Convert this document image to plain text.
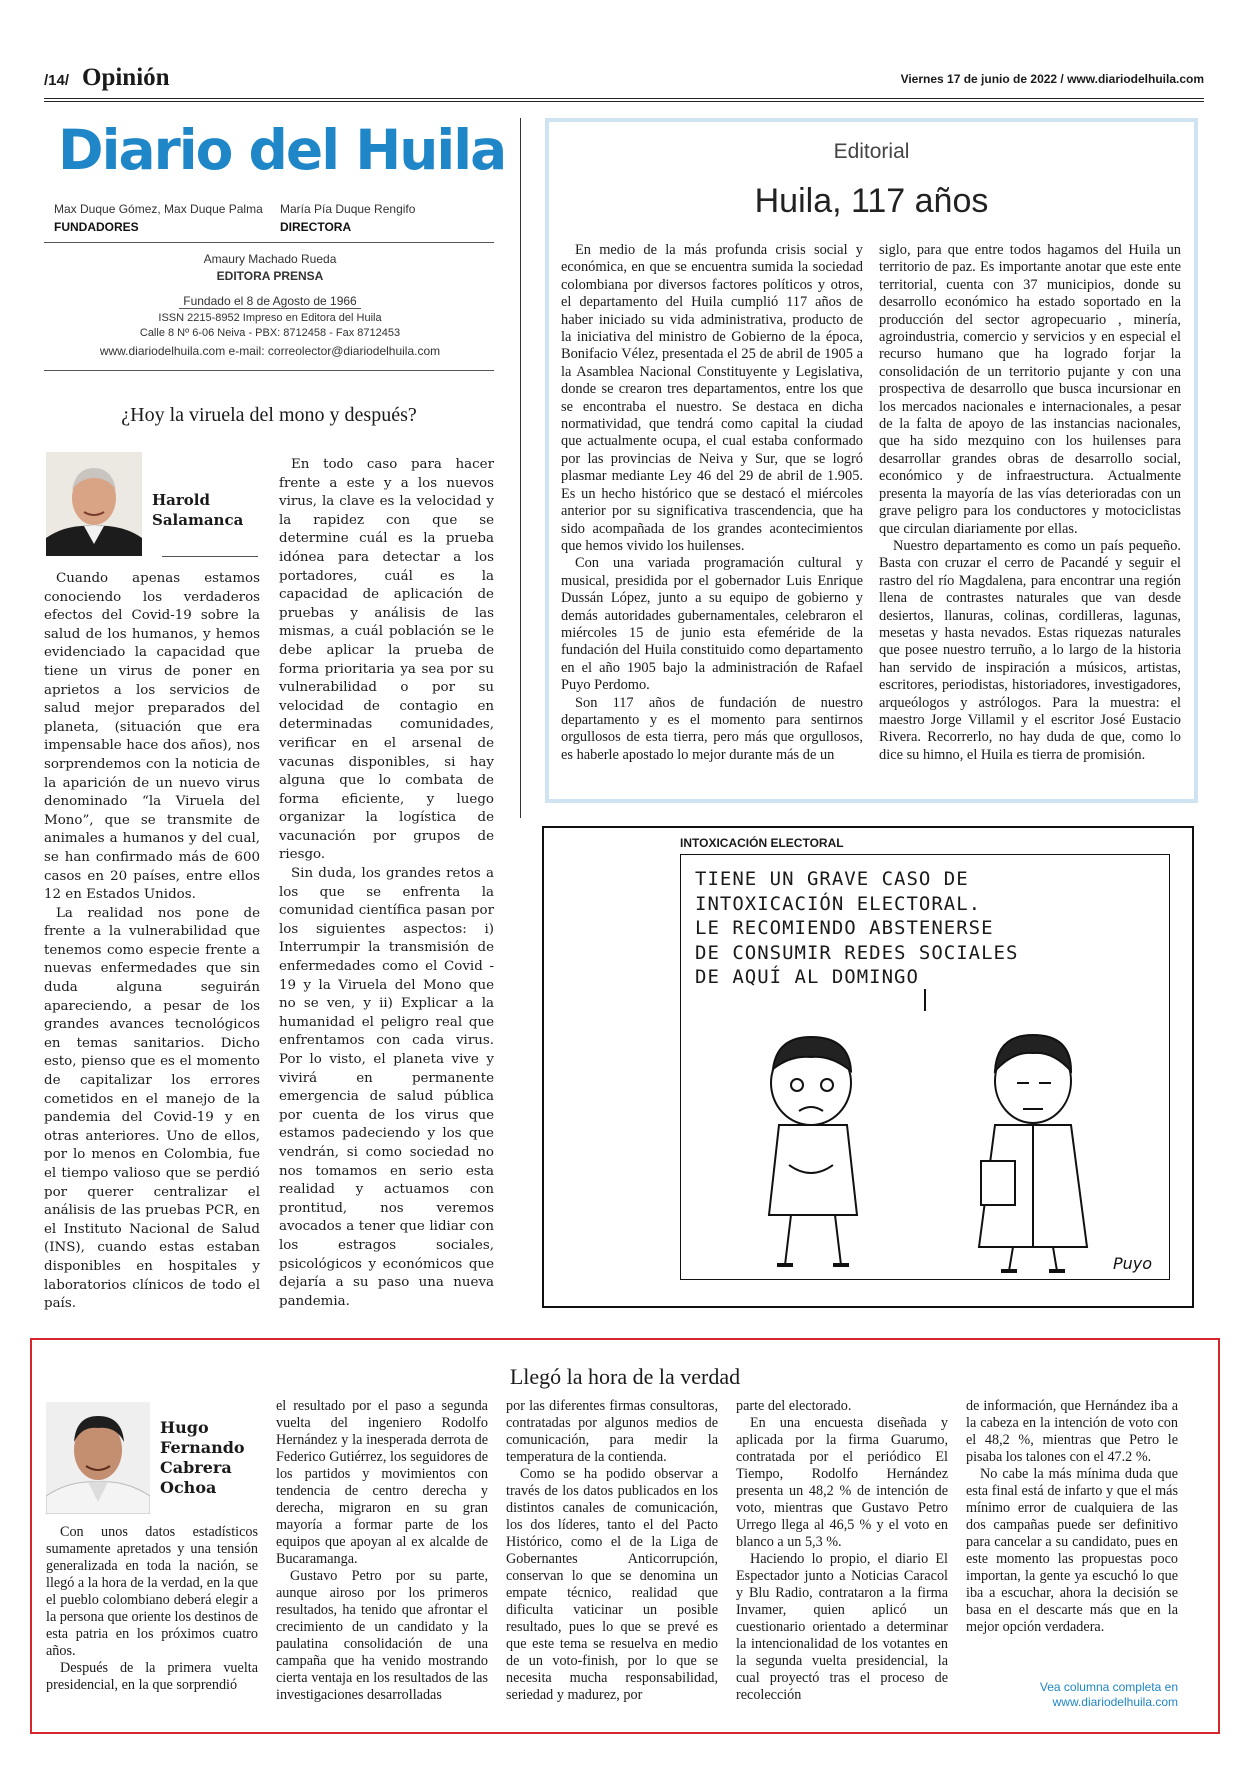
/14/ Opinión	Viernes 17 de junio de 2022 / www.diariodelhuila.com
Diario del Huila
Max Duque Gómez, Max Duque Palma
FUNDADORES
María Pía Duque Rengifo
DIRECTORA
Amaury Machado Rueda
EDITORA PRENSA
Fundado el 8 de Agosto de 1966
ISSN 2215-8952 Impreso en Editora del Huila
Calle 8 Nº 6-06 Neiva - PBX: 8712458 - Fax 8712453
www.diariodelhuila.com e-mail: correolector@diariodelhuila.com
¿Hoy la viruela del mono y después?
Harold
Salamanca

Cuando apenas estamos conociendo los verdaderos efectos del Covid-19 sobre la salud de los humanos, y hemos evidenciado la capacidad que tiene un virus de poner en aprietos a los servicios de salud mejor preparados del planeta, (situación que era impensable hace dos años), nos sorprendemos con la noticia de la aparición de un nuevo virus denominado “la Viruela del Mono”, que se transmite de animales a humanos y del cual, se han confirmado más de 600 casos en 20 países, entre ellos 12 en Estados Unidos.

La realidad nos pone de frente a la vulnerabilidad que tenemos como especie frente a nuevas enfermedades que sin duda alguna seguirán apareciendo, a pesar de los grandes avances tecnológicos en temas sanitarios. Dicho esto, pienso que es el momento de capitalizar los errores cometidos en el manejo de la pandemia del Covid-19 y en otras anteriores. Uno de ellos, por lo menos en Colombia, fue el tiempo valioso que se perdió por querer centralizar el análisis de las pruebas PCR, en el Instituto Nacional de Salud (INS), cuando estas estaban disponibles en hospitales y laboratorios clínicos de todo el país.

En todo caso para hacer frente a este y a los nuevos virus, la clave es la velocidad y la rapidez con que se determine cuál es la prueba idónea para detectar a los portadores, cuál es la capacidad de aplicación de pruebas y análisis de las mismas, a cuál población se le debe aplicar la prueba de forma prioritaria ya sea por su vulnerabilidad o por su velocidad de contagio en determinadas comunidades, verificar en el arsenal de vacunas disponibles, si hay alguna que lo combata de forma eficiente, y luego organizar la logística de vacunación por grupos de riesgo.

Sin duda, los grandes retos a los que se enfrenta la comunidad científica pasan por los siguientes aspectos: i) Interrumpir la transmisión de enfermedades como el Covid - 19 y la Viruela del Mono que no se ven, y ii) Explicar a la humanidad el peligro real que enfrentamos con cada virus. Por lo visto, el planeta vive y vivirá en permanente emergencia de salud pública por cuenta de los virus que estamos padeciendo y los que vendrán, si como sociedad no nos tomamos en serio esta realidad y actuamos con prontitud, nos veremos avocados a tener que lidiar con los estragos sociales, psicológicos y económicos que dejaría a su paso una nueva pandemia.

Editorial
Huila, 117 años

En medio de la más profunda crisis social y económica, en que se encuentra sumida la sociedad colombiana por diversos factores políticos y otros, el departamento del Huila cumplió 117 años de haber iniciado su vida administrativa, producto de la iniciativa del ministro de Gobierno de la época, Bonifacio Vélez, presentada el 25 de abril de 1905 a la Asamblea Nacional Constituyente y Legislativa, donde se crearon tres departamentos, entre los que se encontraba el nuestro. Se destaca en dicha normatividad, que tendrá como capital la ciudad que actualmente ocupa, el cual estaba conformado por las provincias de Neiva y Sur, que se logró plasmar mediante Ley 46 del 29 de abril de 1.905. Es un hecho histórico que se destacó el miércoles anterior por su significativa trascendencia, que ha sido acompañada de los grandes acontecimientos que hemos vivido los huilenses.

Con una variada programación cultural y musical, presidida por el gobernador Luis Enrique Dussán López, junto a su equipo de gobierno y demás autoridades gubernamentales, celebraron el miércoles 15 de junio esta efeméride de la fundación del Huila constituido como departamento en el año 1905 bajo la administración de Rafael Puyo Perdomo.

Son 117 años de fundación de nuestro departamento y es el momento para sentirnos orgullosos de esta tierra, pero más que orgullosos, es haberle apostado lo mejor durante más de un

siglo, para que entre todos hagamos del Huila un territorio de paz. Es importante anotar que este ente territorial, cuenta con 37 municipios, donde su desarrollo económico ha estado soportado en la producción del sector agropecuario , minería, agroindustria, comercio y servicios y en especial el recurso humano que ha logrado forjar la consolidación de un territorio pujante y con una prospectiva de desarrollo que busca incursionar en los mercados nacionales e internacionales, a pesar de la falta de apoyo de las instancias nacionales, que ha sido mezquino con los huilenses para desarrollar grandes obras de desarrollo social, económico y de infraestructura. Actualmente presenta la mayoría de las vías deterioradas con un grave peligro para los conductores y motociclistas que circulan diariamente por ellas.

Nuestro departamento es como un país pequeño. Basta con cruzar el cerro de Pacandé y seguir el rastro del río Magdalena, para encontrar una región llena de contrastes naturales que van desde desiertos, llanuras, colinas, cordilleras, lagunas, mesetas y hasta nevados. Estas riquezas naturales que posee nuestro terruño, a lo largo de la historia han servido de inspiración a músicos, artistas, escritores, periodistas, historiadores, investigadores, arqueólogos y astrólogos. Para la muestra: el maestro Jorge Villamil y el escritor José Eustacio Rivera. Recorrerlo, no hay duda de que, como lo dice su himno, el Huila es tierra de promisión.

INTOXICACIÓN ELECTORAL
TIENE UN GRAVE CASO DE
INTOXICACIÓN ELECTORAL.
LE RECOMIENDO ABSTENERSE
DE CONSUMIR REDES SOCIALES
DE AQUÍ AL DOMINGO
Puyo
Llegó la hora de la verdad
Hugo
Fernando
Cabrera
Ochoa

Con unos datos estadísticos sumamente apretados y una tensión generalizada en toda la nación, se llegó a la hora de la verdad, en la que el pueblo colombiano deberá elegir a la persona que oriente los destinos de esta patria en los próximos cuatro años.

Después de la primera vuelta presidencial, en la que sorprendió

el resultado por el paso a segunda vuelta del ingeniero Rodolfo Hernández y la inesperada derrota de Federico Gutiérrez, los seguidores de los partidos y movimientos con tendencia de centro derecha y derecha, migraron en su gran mayoría a formar parte de los equipos que apoyan al ex alcalde de Bucaramanga.

Gustavo Petro por su parte, aunque airoso por los primeros resultados, ha tenido que afrontar el crecimiento de un candidato y la paulatina consolidación de una campaña que ha venido mostrando cierta ventaja en los resultados de las investigaciones desarrolladas

por las diferentes firmas consultoras, contratadas por algunos medios de comunicación, para medir la temperatura de la contienda.

Como se ha podido observar a través de los datos publicados en los distintos canales de comunicación, los dos líderes, tanto el del Pacto Histórico, como el de la Liga de Gobernantes Anticorrupción, conservan lo que se denomina un empate técnico, realidad que dificulta vaticinar un posible resultado, pues lo que se prevé es que este tema se resuelva en medio de un voto-finish, por lo que se necesita mucha responsabilidad, seriedad y madurez, por

parte del electorado.

En una encuesta diseñada y aplicada por la firma Guarumo, contratada por el periódico El Tiempo, Rodolfo Hernández presenta un 48,2 % de intención de voto, mientras que Gustavo Petro Urrego llega al 46,5 % y el voto en blanco a un 5,3 %.

Haciendo lo propio, el diario El Espectador junto a Noticias Caracol y Blu Radio, contrataron a la firma Invamer, quien aplicó un cuestionario orientado a determinar la intencionalidad de los votantes en la segunda vuelta presidencial, la cual proyectó tras el proceso de recolección

de información, que Hernández iba a la cabeza en la intención de voto con el 48,2 %, mientras que Petro le pisaba los talones con el 47.2 %.

No cabe la más mínima duda que esta final está de infarto y que el más mínimo error de cualquiera de las dos campañas puede ser definitivo para cancelar a su candidato, pues en este momento las propuestas poco importan, la gente ya escuchó lo que iba a escuchar, ahora la decisión se basa en el descarte más que en la mejor opción verdadera.

Vea columna completa en
www.diariodelhuila.com
